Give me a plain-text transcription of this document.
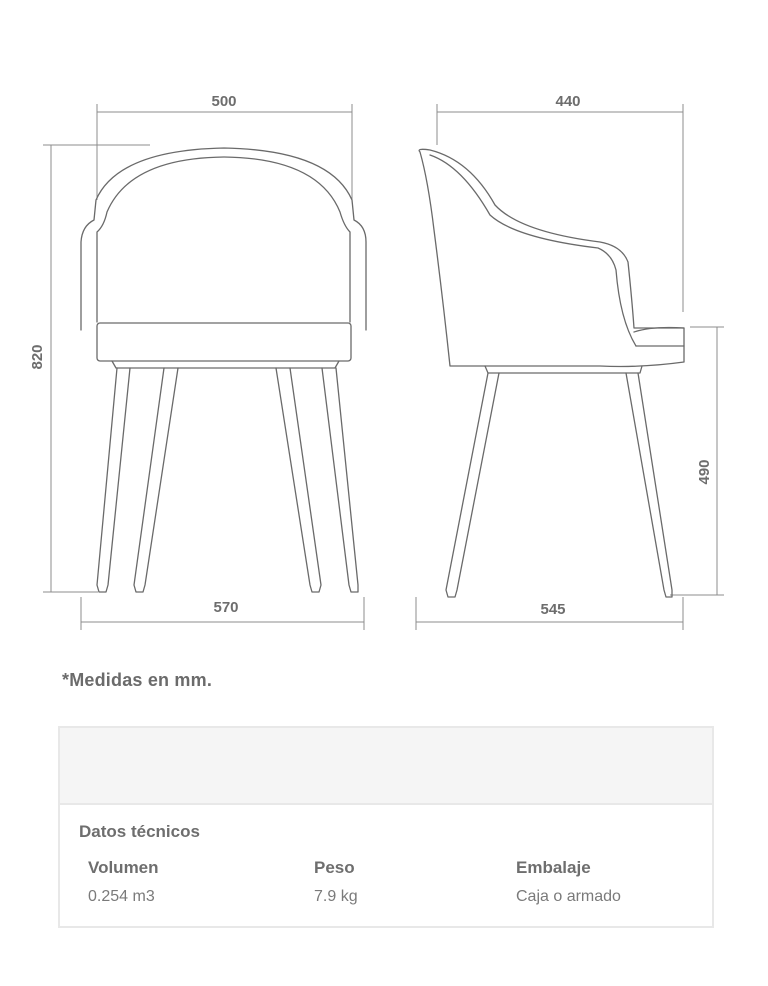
500	440
820
490
570	545
*Medidas en mm.
Datos técnicos
Volumen
0.254 m3
Peso
7.9 kg
Embalaje
Caja o armado
